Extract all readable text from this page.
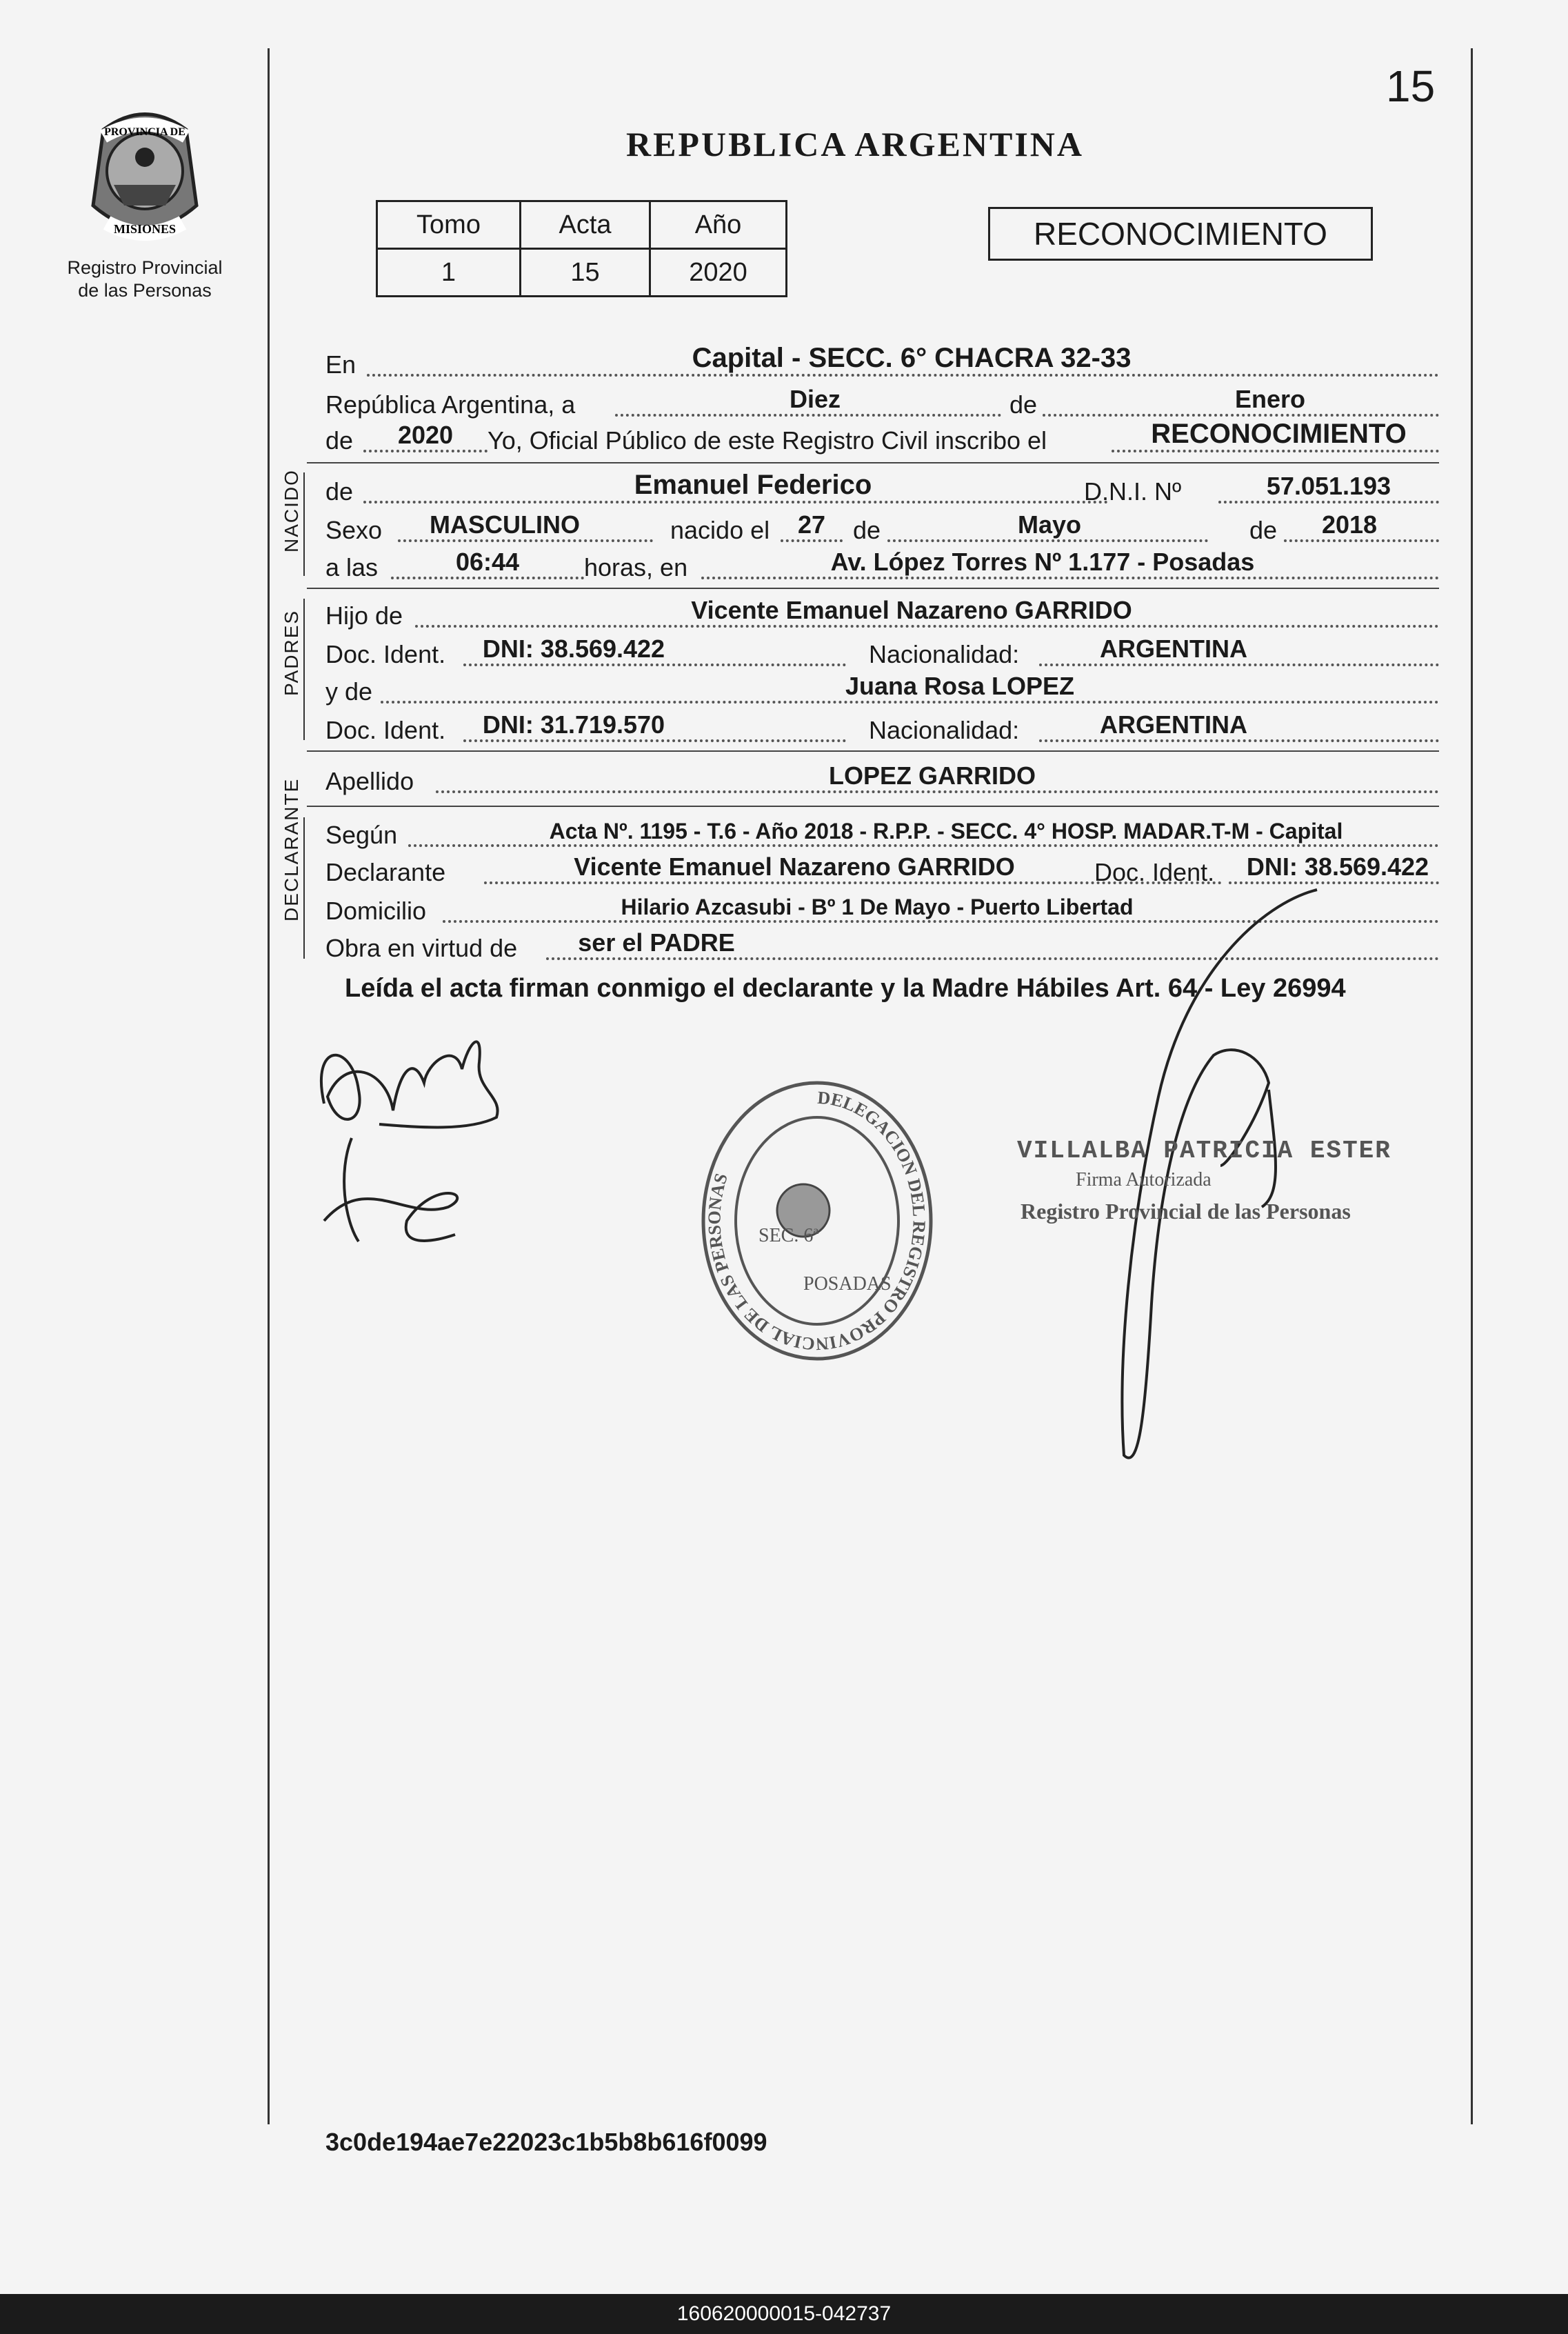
15
PROVINCIA DE
MISIONES
Registro Provincial
de las Personas
REPUBLICA ARGENTINA
Tomo	Acta	Año
1	15	2020
RECONOCIMIENTO
En	Capital - SECC. 6° CHACRA 32-33
República Argentina, a	Diez	de	Enero
de	2020	Yo, Oficial Público de este Registro Civil inscribo el	RECONOCIMIENTO
NACIDO de	Emanuel Federico	D.N.I. Nº	57.051.193
Sexo	MASCULINO	nacido el	27	de	Mayo	de	2018
a las	06:44	horas, en	Av. López Torres Nº 1.177 - Posadas
PADRES Hijo de	Vicente Emanuel Nazareno GARRIDO
Doc. Ident.	DNI: 38.569.422	Nacionalidad:	ARGENTINA
y de	Juana Rosa LOPEZ
Doc. Ident.	DNI: 31.719.570	Nacionalidad:	ARGENTINA
Apellido	LOPEZ GARRIDO
DECLARANTE Según	Acta Nº. 1195 - T.6 - Año 2018 - R.P.P. - SECC. 4° HOSP. MADAR.T-M - Capital
Declarante	Vicente Emanuel Nazareno GARRIDO	Doc. Ident.	DNI: 38.569.422
Domicilio	Hilario Azcasubi - Bº 1 De Mayo - Puerto Libertad
Obra en virtud de	ser el PADRE
Leída el acta firman conmigo el declarante y la Madre Hábiles Art. 64 - Ley 26994
DELEGACION DEL REGISTRO PROVINCIAL DE LAS PERSONAS
SEC. 6ª
POSADAS
VILLALBA PATRICIA ESTER
Firma Autorizada
Registro Provincial de las Personas
3c0de194ae7e22023c1b5b8b616f0099
160620000015-042737
